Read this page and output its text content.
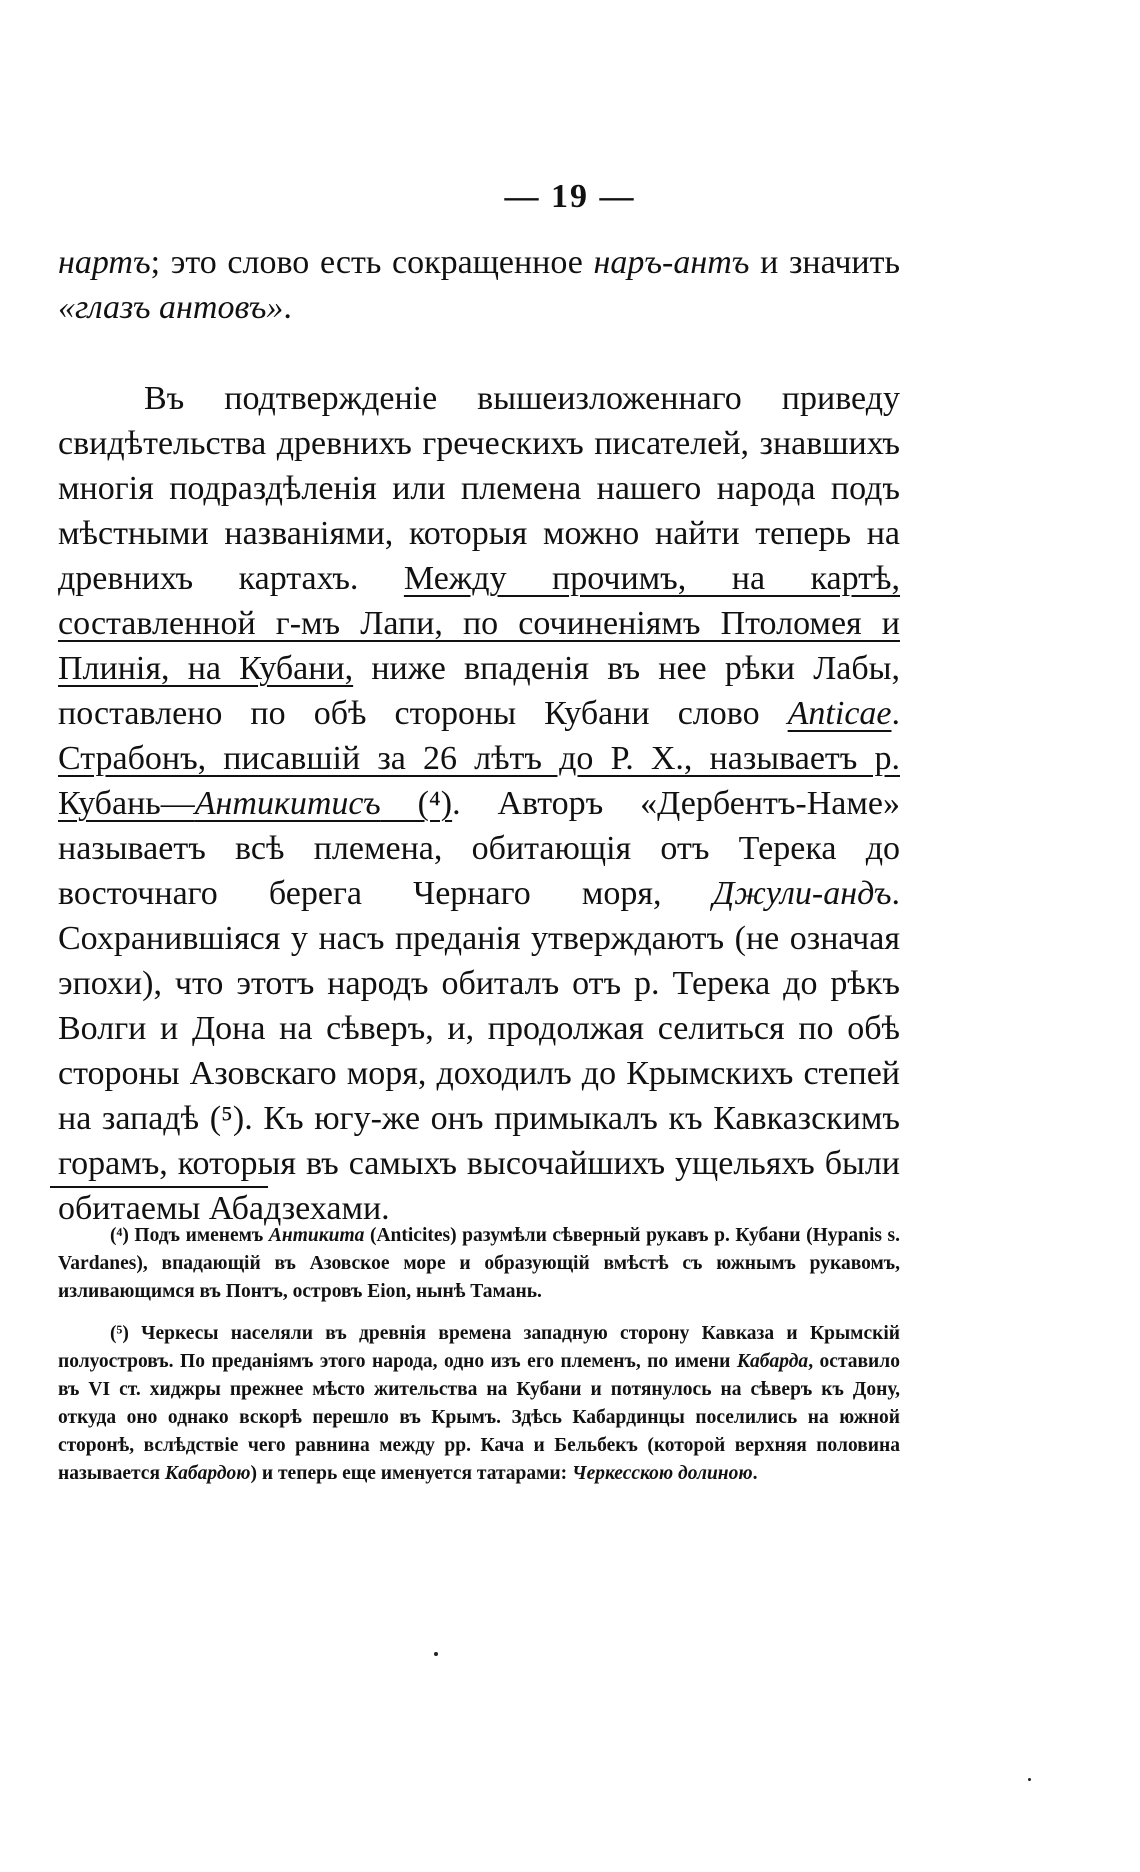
— 19 —

нартъ; это слово есть сокращенное наръ-антъ и значить «глазъ антовъ».

Въ подтвержденіе вышеизложеннаго приведу свидѣтельства древнихъ греческихъ писателей, знавшихъ многія подраздѣленія или племена нашего народа подъ мѣстными названіями, которыя можно найти теперь на древнихъ картахъ. Между прочимъ, на картѣ, составленной г-мъ Лапи, по сочиненіямъ Птоломея и Плинія, на Кубани, ниже впаденія въ нее рѣки Лабы, поставлено по обѣ стороны Кубани слово Anticae. Страбонъ, писавшій за 26 лѣтъ до Р. Х., называетъ р. Кубань—Антикитисъ (⁴). Авторъ «Дербентъ-Наме» называетъ всѣ племена, обитающія отъ Терека до восточнаго берега Чернаго моря, Джули-андъ. Сохранившіяся у насъ преданія утверждаютъ (не означая эпохи), что этотъ народъ обиталъ отъ р. Терека до рѣкъ Волги и Дона на сѣверъ, и, продолжая селиться по обѣ стороны Азовскаго моря, доходилъ до Крымскихъ степей на западѣ (⁵). Къ югу-же онъ примыкалъ къ Кавказскимъ горамъ, которыя въ самыхъ высочайшихъ ущельяхъ были обитаемы Абадзехами.

(⁴) Подъ именемъ Антикита (Anticites) разумѣли сѣверный рукавъ р. Кубани (Hypanis s. Vardanes), впадающій въ Азовское море и образующій вмѣстѣ съ южнымъ рукавомъ, изливающимся въ Понтъ, островъ Eion, нынѣ Тамань.

(⁵) Черкесы населяли въ древнія времена западную сторону Кавказа и Крымскій полуостровъ. По преданіямъ этого народа, одно изъ его племенъ, по имени Кабарда, оставило въ VI ст. хиджры прежнее мѣсто жительства на Кубани и потянулось на сѣверъ къ Дону, откуда оно однако вскорѣ перешло въ Крымъ. Здѣсь Кабардинцы поселились на южной сторонѣ, вслѣдствіе чего равнина между рр. Кача и Бельбекъ (которой верхняя половина называется Кабардою) и теперь еще именуется татарами: Черкесскою долиною.
